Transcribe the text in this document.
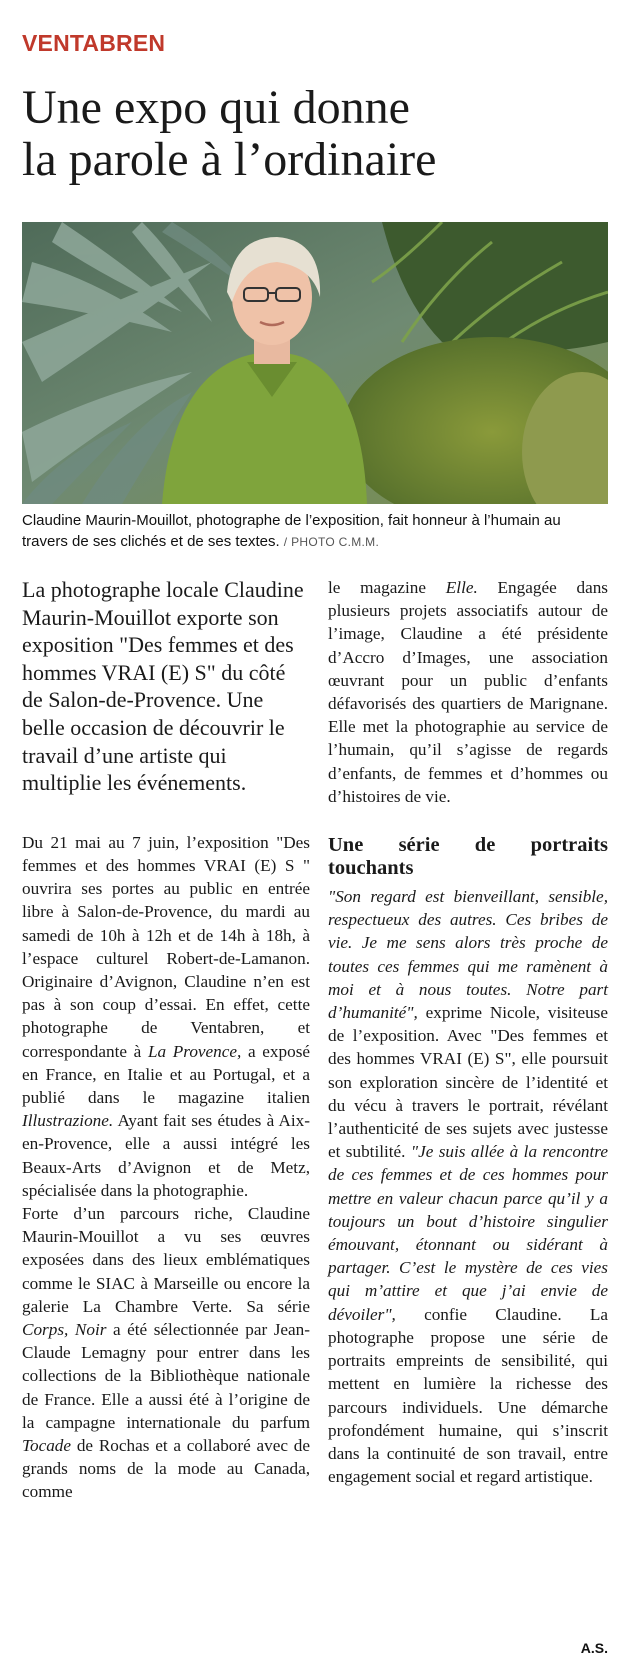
VENTABREN
Une expo qui donne
la parole à l’ordinaire
Claudine Maurin-Mouillot, photographe de l’exposition, fait honneur à l’humain au travers de ses clichés et de ses textes. / PHOTO C.M.M.

La photographe locale Claudine Maurin-Mouillot exporte son exposition "Des femmes et des hommes VRAI (E) S" du côté de Salon-de-Provence. Une belle occasion de découvrir le travail d’une artiste qui multiplie les événements.

Du 21 mai au 7 juin, l’exposition "Des femmes et des hommes VRAI (E) S " ouvrira ses portes au public en entrée libre à Salon-de-Provence, du mardi au samedi de 10h à 12h et de 14h à 18h, à l’espace culturel Robert-de-Lamanon. Originaire d’Avignon, Claudine n’en est pas à son coup d’essai. En effet, cette photographe de Ventabren, et correspondante à La Provence, a exposé en France, en Italie et au Portugal, et a publié dans le magazine italien Illustrazione. Ayant fait ses études à Aix-en-Provence, elle a aussi intégré les Beaux-Arts d’Avignon et de Metz, spécialisée dans la photographie.

Forte d’un parcours riche, Claudine Maurin-Mouillot a vu ses œuvres exposées dans des lieux emblématiques comme le SIAC à Marseille ou encore la galerie La Chambre Verte. Sa série Corps, Noir a été sélectionnée par Jean-Claude Lemagny pour entrer dans les collections de la Bibliothèque nationale de France. Elle a aussi été à l’origine de la campagne internationale du parfum Tocade de Rochas et a collaboré avec de grands noms de la mode au Canada, comme

le magazine Elle. Engagée dans plusieurs projets associatifs autour de l’image, Claudine a été présidente d’Accro d’Images, une association œuvrant pour un public d’enfants défavorisés des quartiers de Marignane. Elle met la photographie au service de l’humain, qu’il s’agisse de regards d’enfants, de femmes et d’hommes ou d’histoires de vie.

Une série de portraits touchants

"Son regard est bienveillant, sensible, respectueux des autres. Ces bribes de vie. Je me sens alors très proche de toutes ces femmes qui me ramènent à moi et à nous toutes. Notre part d’humanité", exprime Nicole, visiteuse de l’exposition. Avec "Des femmes et des hommes VRAI (E) S", elle poursuit son exploration sincère de l’identité et du vécu à travers le portrait, révélant l’authenticité de ses sujets avec justesse et subtilité. "Je suis allée à la rencontre de ces femmes et de ces hommes pour mettre en valeur chacun parce qu’il y a toujours un bout d’histoire singulier émouvant, étonnant ou sidérant à partager. C’est le mystère de ces vies qui m’attire et que j’ai envie de dévoiler", confie Claudine. La photographe propose une série de portraits empreints de sensibilité, qui mettent en lumière la richesse des parcours individuels. Une démarche profondément humaine, qui s’inscrit dans la continuité de son travail, entre engagement social et regard artistique.

A.S.
